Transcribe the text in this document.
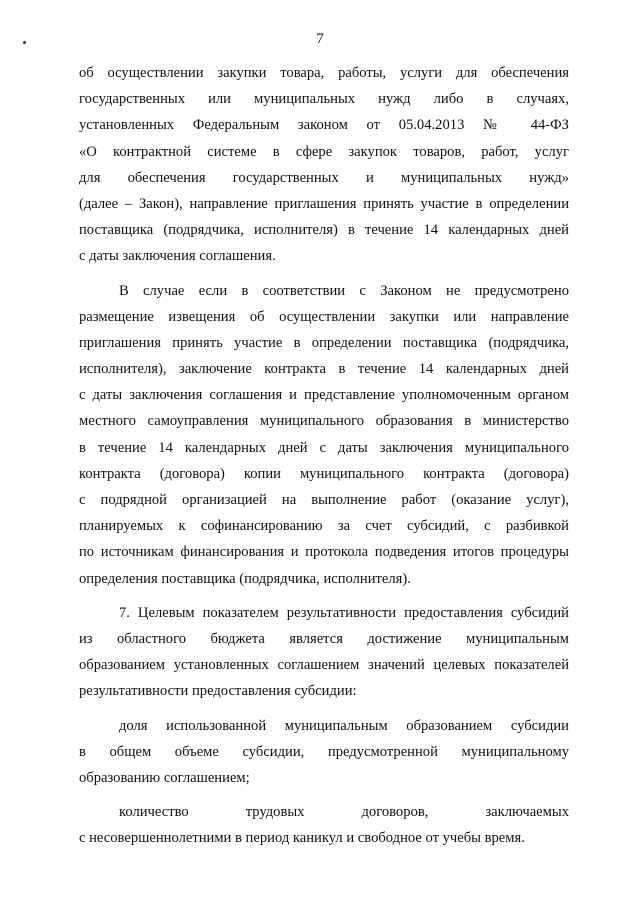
7
об осуществлении закупки товара, работы, услуги для обеспечения
государственных или муниципальных нужд либо в случаях,
установленных Федеральным законом от 05.04.2013 № 44-ФЗ
«О контрактной системе в сфере закупок товаров, работ, услуг
для обеспечения государственных и муниципальных нужд»
(далее – Закон), направление приглашения принять участие в определении
поставщика (подрядчика, исполнителя) в течение 14 календарных дней
с даты заключения соглашения.
В случае если в соответствии с Законом не предусмотрено
размещение извещения об осуществлении закупки или направление
приглашения принять участие в определении поставщика (подрядчика,
исполнителя), заключение контракта в течение 14 календарных дней
с даты заключения соглашения и представление уполномоченным органом
местного самоуправления муниципального образования в министерство
в течение 14 календарных дней с даты заключения муниципального
контракта (договора) копии муниципального контракта (договора)
с подрядной организацией на выполнение работ (оказание услуг),
планируемых к софинансированию за счет субсидий, с разбивкой
по источникам финансирования и протокола подведения итогов процедуры
определения поставщика (подрядчика, исполнителя).
7. Целевым показателем результативности предоставления субсидий
из областного бюджета является достижение муниципальным
образованием установленных соглашением значений целевых показателей
результативности предоставления субсидии:
доля использованной муниципальным образованием субсидии
в общем объеме субсидии, предусмотренной муниципальному
образованию соглашением;
количество трудовых договоров, заключаемых
с несовершеннолетними в период каникул и свободное от учебы время.
